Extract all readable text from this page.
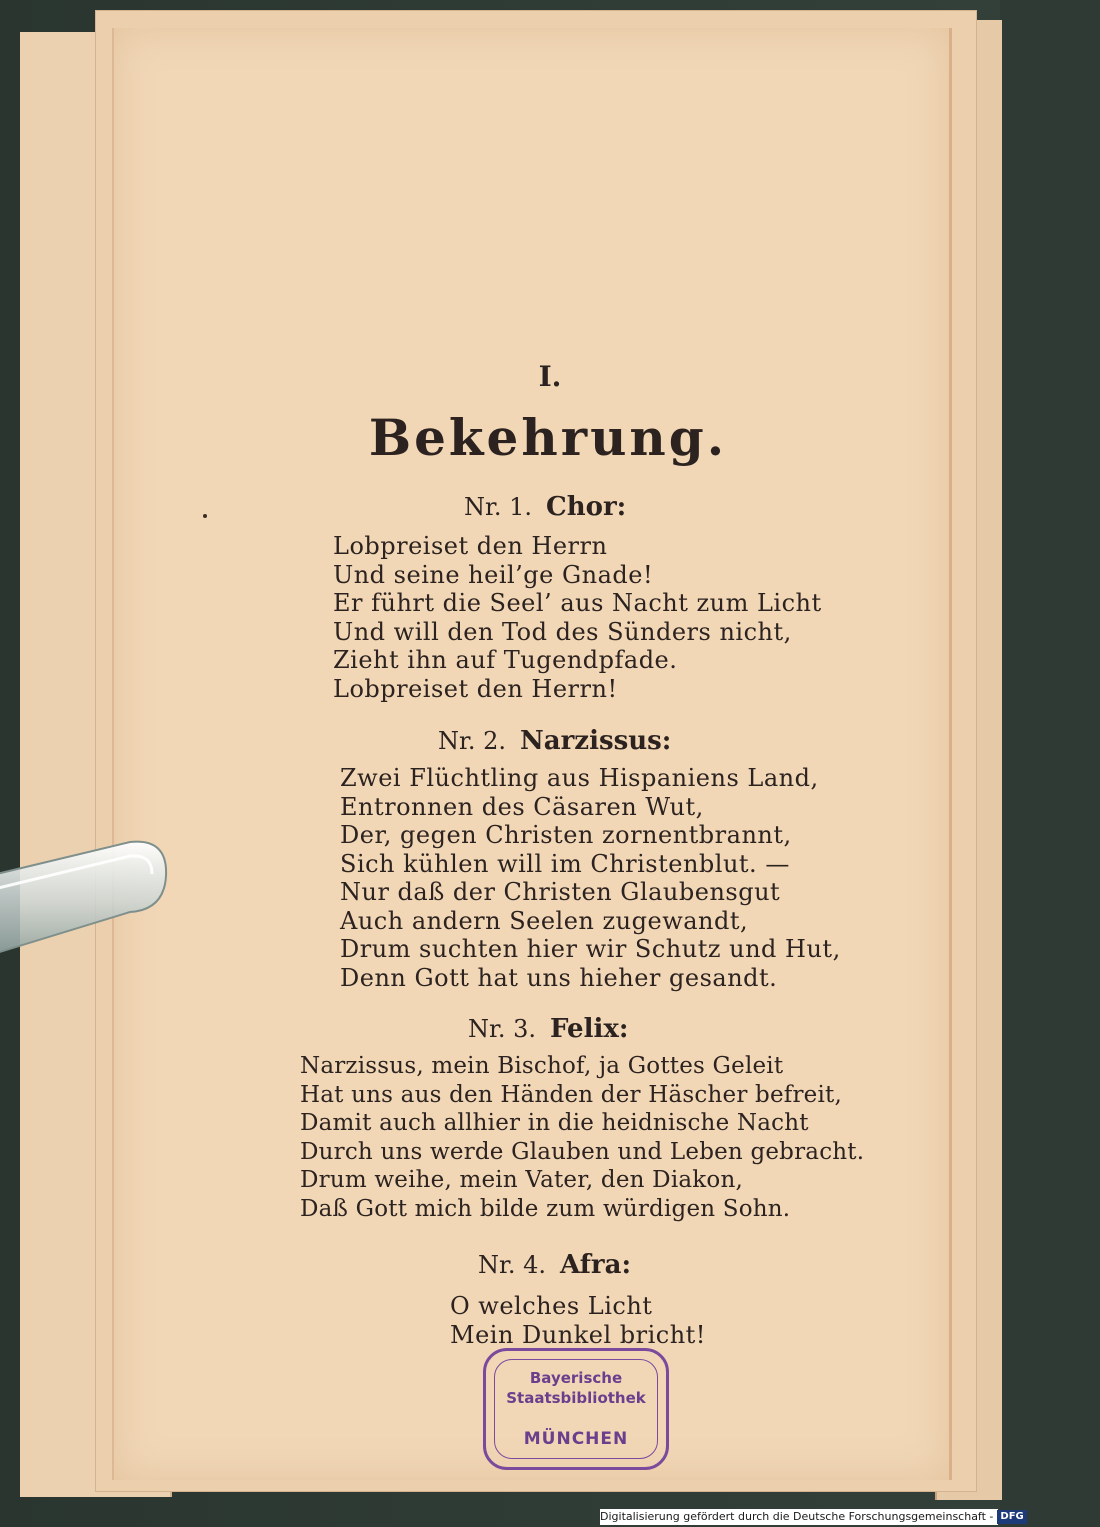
I.
Bekehrung.
Nr. 1. Chor:
Lobpreiset den Herrn
Und seine heil’ge Gnade!
Er führt die Seel’ aus Nacht zum Licht
Und will den Tod des Sünders nicht,
Zieht ihn auf Tugendpfade.
Lobpreiset den Herrn!
Nr. 2. Narzissus:
Zwei Flüchtling aus Hispaniens Land,
Entronnen des Cäsaren Wut,
Der, gegen Christen zornentbrannt,
Sich kühlen will im Christenblut. —
Nur daß der Christen Glaubensgut
Auch andern Seelen zugewandt,
Drum suchten hier wir Schutz und Hut,
Denn Gott hat uns hieher gesandt.
Nr. 3. Felix:
Narzissus, mein Bischof, ja Gottes Geleit
Hat uns aus den Händen der Häscher befreit,
Damit auch allhier in die heidnische Nacht
Durch uns werde Glauben und Leben gebracht.
Drum weihe, mein Vater, den Diakon,
Daß Gott mich bilde zum würdigen Sohn.
Nr. 4. Afra:
O welches Licht
Mein Dunkel bricht!
Bayerische
Staatsbibliothek
MÜNCHEN
Digitalisierung gefördert durch die Deutsche Forschungsgemeinschaft - DFG
